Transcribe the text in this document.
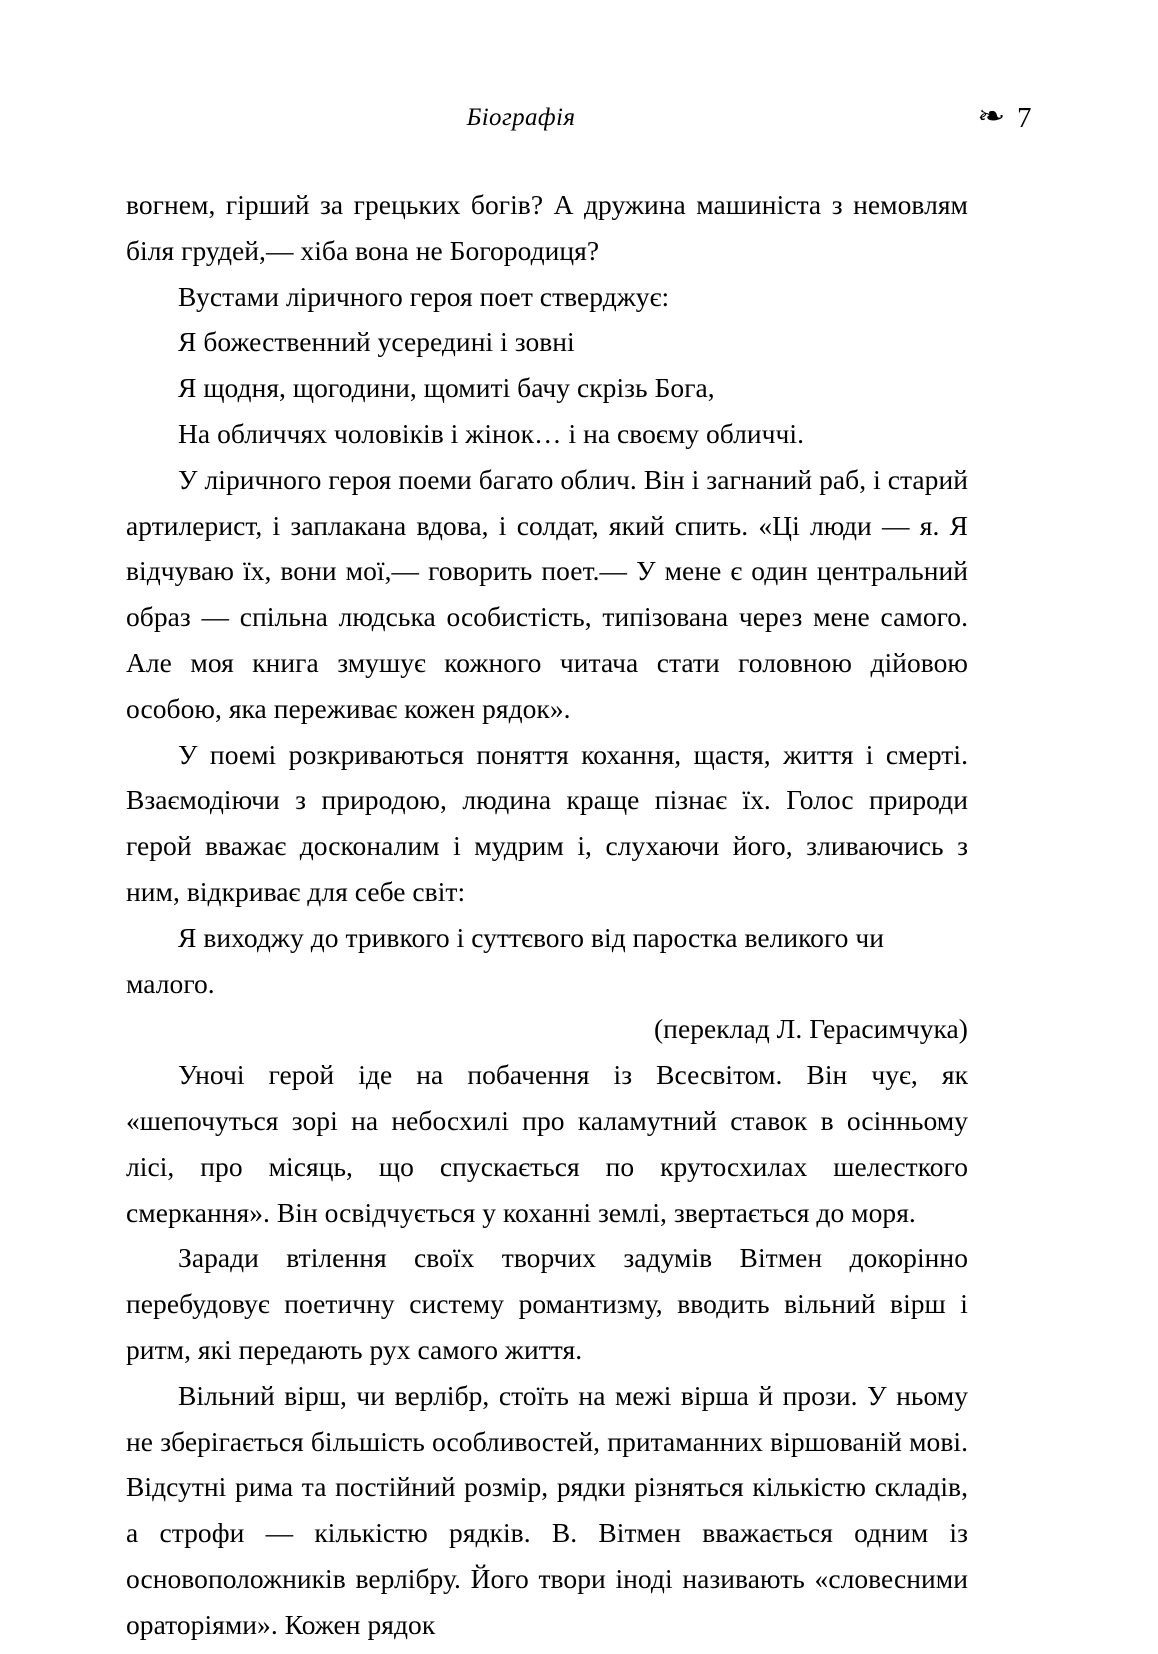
Біографія	❧ 7

вогнем, гірший за грецьких богів? А дружина машиніста з немовлям біля грудей,— хіба вона не Богородиця?

Вустами ліричного героя поет стверджує:

Я божественний усередині і зовні

Я щодня, щогодини, щомиті бачу скрізь Бога,

На обличчях чоловіків і жінок… і на своєму обличчі.

У ліричного героя поеми багато облич. Він і загнаний раб, і старий артилерист, і заплакана вдова, і солдат, який спить. «Ці люди — я. Я відчуваю їх, вони мої,— говорить поет.— У мене є один центральний образ — спільна людська особистість, типізована через мене самого. Але моя книга змушує кожного читача стати головною дійовою особою, яка переживає кожен рядок».

У поемі розкриваються поняття кохання, щастя, життя і смерті. Взаємодіючи з природою, людина краще пізнає їх. Голос природи герой вважає досконалим і мудрим і, слухаючи його, зливаючись з ним, відкриває для себе світ:

Я виходжу до тривкого і суттєвого від паростка великого чи малого.

(переклад Л. Герасимчука)

Уночі герой іде на побачення із Всесвітом. Він чує, як «шепочуться зорі на небосхилі про каламутний ставок в осінньому лісі, про місяць, що спускається по крутосхилах шелесткого смеркання». Він освідчується у коханні землі, звертається до моря.

Заради втілення своїх творчих задумів Вітмен докорінно перебудовує поетичну систему романтизму, вводить вільний вірш і ритм, які передають рух самого життя.

Вільний вірш, чи верлібр, стоїть на межі вірша й прози. У ньому не зберігається більшість особливостей, притаманних віршованій мові. Відсутні рима та постійний розмір, рядки різняться кількістю складів, а строфи — кількістю рядків. В. Вітмен вважається одним із основоположників верлібру. Його твори іноді називають «словесними ораторіями». Кожен рядок
